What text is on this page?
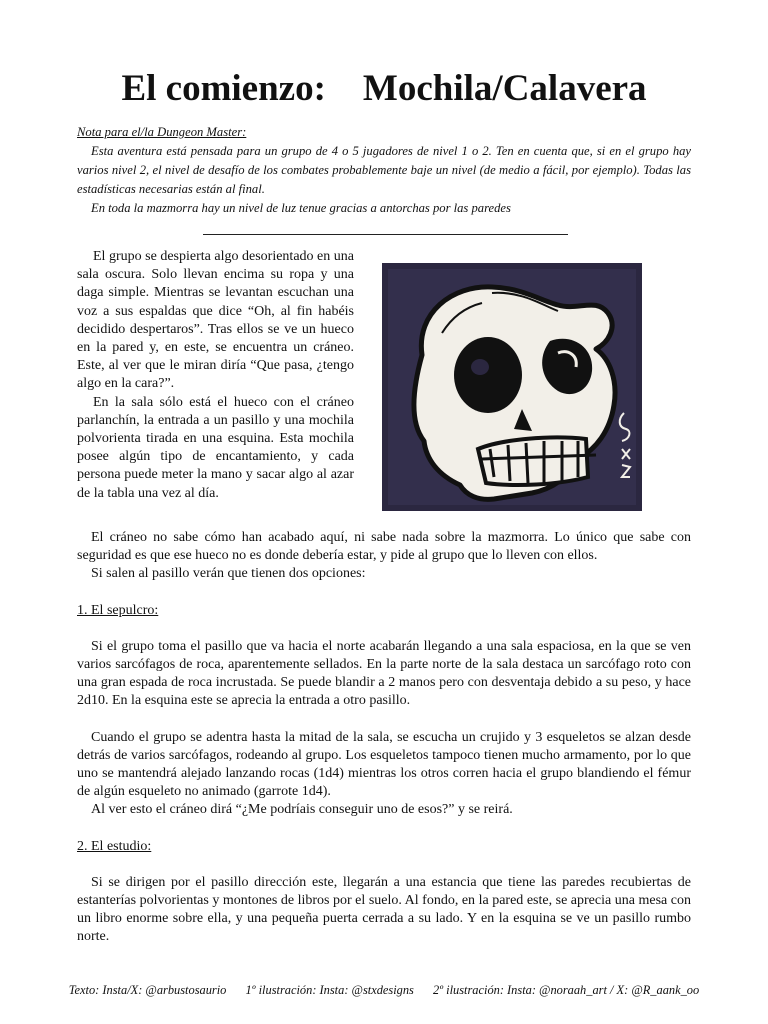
El comienzo:    Mochila/Calavera
Nota para el/la Dungeon Master:

Esta aventura está pensada para un grupo de 4 o 5 jugadores de nivel 1 o 2. Ten en cuenta que, si en el grupo hay varios nivel 2, el nivel de desafío de los combates probablemente baje un nivel (de medio a fácil, por ejemplo). Todas las estadísticas necesarias están al final.

En toda la mazmorra hay un nivel de luz tenue gracias a antorchas por las paredes

El grupo se despierta algo desorientado en una sala oscura. Solo llevan encima su ropa y una daga simple. Mientras se levantan escuchan una voz a sus espaldas que dice “Oh, al fin habéis decidido despertaros”. Tras ellos se ve un hueco en la pared y, en este, se encuentra un cráneo. Este, al ver que le miran diría “Que pasa, ¿tengo algo en la cara?”.

En la sala sólo está el hueco con el cráneo parlanchín, la entrada a un pasillo y una mochila polvorienta tirada en una esquina. Esta mochila posee algún tipo de encantamiento, y cada persona puede meter la mano y sacar algo al azar de la tabla una vez al día.

El cráneo no sabe cómo han acabado aquí, ni sabe nada sobre la mazmorra. Lo único que sabe con seguridad es que ese hueco no es donde debería estar, y pide al grupo que lo lleven con ellos.

Si salen al pasillo verán que tienen dos opciones:

1. El sepulcro:

Si el grupo toma el pasillo que va hacia el norte acabarán llegando a una sala espaciosa, en la que se ven varios sarcófagos de roca, aparentemente sellados. En la parte norte de la sala destaca un sarcófago roto con una gran espada de roca incrustada. Se puede blandir a 2 manos pero con desventaja debido a su peso, y hace 2d10. En la esquina este se aprecia la entrada a otro pasillo.

Cuando el grupo se adentra hasta la mitad de la sala, se escucha un crujido y 3 esqueletos se alzan desde detrás de varios sarcófagos, rodeando al grupo. Los esqueletos tampoco tienen mucho armamento, por lo que uno se mantendrá alejado lanzando rocas (1d4) mientras los otros corren hacia el grupo blandiendo el fémur de algún esqueleto no animado (garrote 1d4).

Al ver esto el cráneo dirá “¿Me podríais conseguir uno de esos?” y se reirá.

2. El estudio:

Si se dirigen por el pasillo dirección este, llegarán a una estancia que tiene las paredes recubiertas de estanterías polvorientas y montones de libros por el suelo. Al fondo, en la pared este, se aprecia una mesa con un libro enorme sobre ella, y una pequeña puerta cerrada a su lado. Y en la esquina se ve un pasillo rumbo norte.

Texto: Insta/X: @arbustosaurio 1º ilustración: Insta: @stxdesigns 2º ilustración: Insta: @noraah_art / X: @R_aank_oo
